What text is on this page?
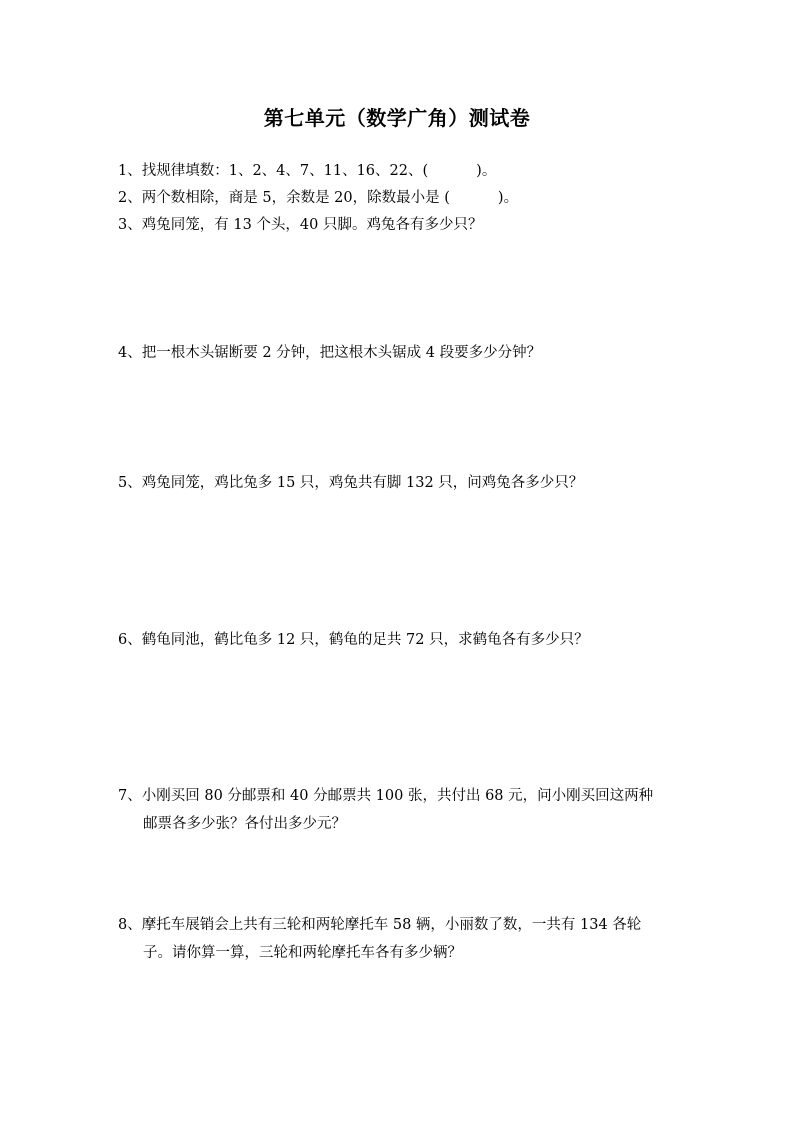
第七单元（数学广角）测试卷
1、找规律填数：1、2、4、7、11、16、22、(	)。
2、两个数相除，商是 5，余数是 20，除数最小是 (	)。
3、鸡兔同笼，有 13 个头，40 只脚。鸡兔各有多少只？
4、把一根木头锯断要 2 分钟，把这根木头锯成 4 段要多少分钟？
5、鸡兔同笼，鸡比兔多 15 只，鸡兔共有脚 132 只，问鸡兔各多少只？
6、鹤龟同池，鹤比龟多 12 只，鹤龟的足共 72 只，求鹤龟各有多少只？
7、小刚买回 80 分邮票和 40 分邮票共 100 张，共付出 68 元，问小刚买回这两种
邮票各多少张？各付出多少元？
8、摩托车展销会上共有三轮和两轮摩托车 58 辆，小丽数了数，一共有 134 各轮
子。请你算一算，三轮和两轮摩托车各有多少辆？
